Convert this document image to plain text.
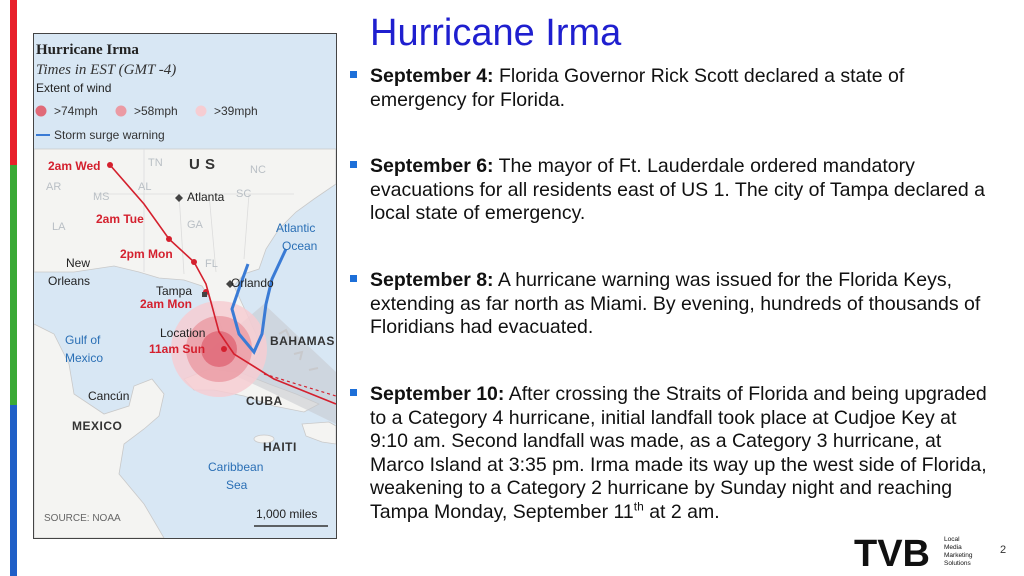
Hurricane Irma
Times in EST (GMT -4)
Extent of wind
>74mph	>58mph	>39mph
Storm surge warning
TN
NC
AR
MS
AL
SC
LA	GA
FL
U S
BAHAMAS
CUBA
MEXICO
HAITI
Atlanta
New
Orleans
Tampa
Orlando
Cancún
Atlantic
Ocean
Gulf of
Mexico
Caribbean
Sea
2am Wed
2am Tue
2pm Mon
2am Mon
Location
11am Sun
SOURCE: NOAA	1,000 miles
Hurricane Irma
September 4: Florida Governor Rick Scott declared a state of emergency for Florida.
September 6: The mayor of Ft. Lauderdale ordered mandatory evacuations for all residents east of US 1. The city of Tampa declared a local state of emergency.
September 8: A hurricane warning was issued for the Florida Keys, extending as far north as Miami. By evening, hundreds of thousands of Floridians had evacuated.
September 10: After crossing the Straits of Florida and being upgraded to a Category 4 hurricane, initial landfall took place at Cudjoe Key at 9:10 am. Second landfall was made, as a Category 3 hurricane, at Marco Island at 3:35 pm. Irma made its way up the west side of Florida, weakening to a Category 2 hurricane by Sunday night and reaching Tampa Monday, September 11th at 2 am.
TVB Local
Media
Marketing
Solutions
2
